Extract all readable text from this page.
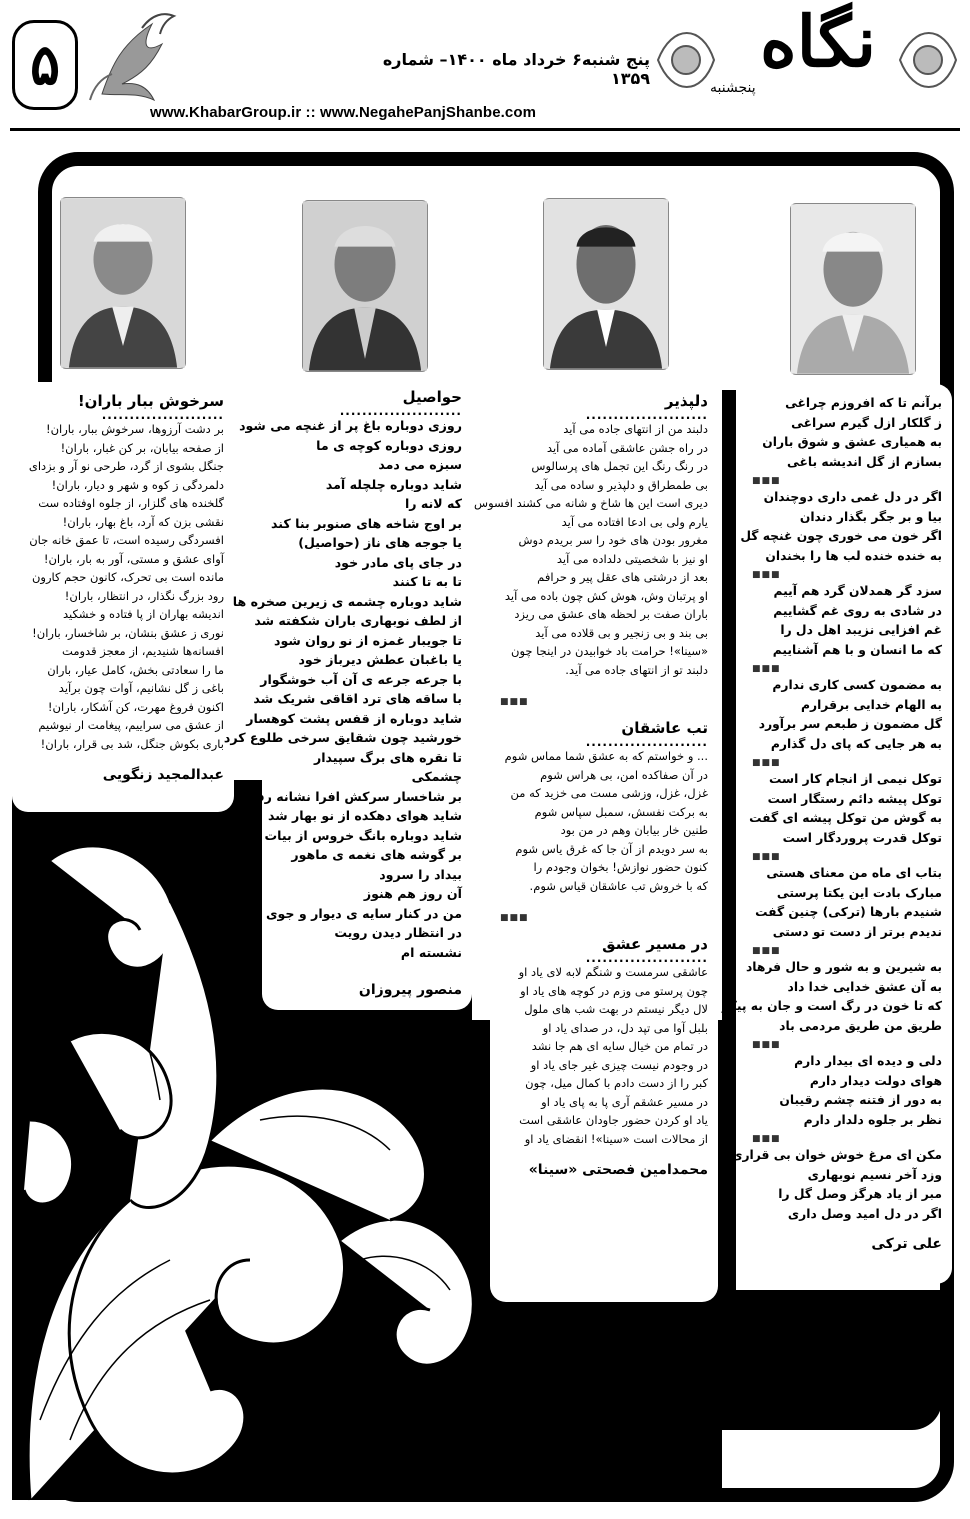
۵	پنج شنبه۶ خرداد ماه ۱۴۰۰– شماره ۱۳۵۹
www.KhabarGroup.ir :: www.NegahePanjShanbe.com
نگاه
پنجشنبه
سرخوش ببار باران!
......................
بر دشت آرزوها، سرخوش ببار، باران!
از صفحه بیابان، بر کن غبار، باران!
جنگل بشوی از گرد، طرحی نو آر و بزدای
دلمردگی ز کوه و شهر و دیار، باران!
گلخنده های گلزار، از جلوه اوفتاده ست
نقشی بزن که آرد، باغ بهار، باران!
افسردگی رسیده است، تا عمق خانه جان
آوای عشق و مستی، آور به بار، باران!
مانده است بی تحرک، کانون حجم کارون
رود بزرگ نگذار، در انتظار، باران!
اندیشه بهاران از پا فتاده و خشکید
نوری ز عشق بنشان، بر شاخسار، باران!
افسانه‌ها شنیدیم، از معجز قدومت
ما را سعادتی بخش، کامل عیار، باران
باغی ز گل نشانیم، آوات چون برآید
اکنون فروغ مهرت، کن آشکار، باران!
از عشق می سراییم، پیغامت ار نیوشیم
باری بکوش جنگل، شد بی قرار، باران!
عبدالمجید زنگویی
حواصیل
......................
روزی دوباره باغ پر از غنچه می شود
روزی دوباره کوچه ی ما
سبزه می دمد
شاید دوباره چلچله آمد
که لانه را
بر اوج شاخه های صنوبر بنا کند
یا جوجه های ناز (حواصیل)
در جای پای مادر خود
تا به تا کنند
شاید دوباره چشمه ی زیرین صخره ها
از لطف نوبهاری باران شکفته شد
تا جویبار غمزه از نو روان شود
یا باغبان عطش دیرباز خود
با جرعه جرعه ی آن آب خوشگوار
با ساقه های ترد اقاقی شریک شد
شاید دوباره از قفس پشت کوهسار
خورشید چون شقایق سرخی طلوع کرد
تا نقره های برگ سپیدار
چشمکی
بر شاخسار سرکش افرا نشانه رفت
شاید هوای دهکده از نو بهار شد
شاید دوباره بانگ خروس از بیات ترک
بر گوشه های نغمه ی ماهور
بیداد را سرود
آن روز هم هنوز
من در کنار سایه ی دیوار و جوی آب
در انتظار دیدن رویت
نشسته ام
منصور پیروزان
دلپذیر
......................
دلبند من از انتهای جاده می آید
در راه جشن عاشقی آماده می آید
در رنگ رنگ این تجمل های پرسالوس
بی طمطراق و دلپذیر و ساده می آید
دیری است این ها شاخ و شانه می کشند افسوس
یارم ولی بی ادعا افتاده می آید
مغرور بودن های خود را سر بریدم دوش
او نیز با شخصیتی دلداده می آید
بعد از درشتی های عقل پیر و حرافم
او پرتبان وش، هوش کش چون باده می آید
باران صفت بر لحظه های عشق می ریزد
بی بند و بی زنجیر و بی قلاده می آید
«سینا»! حرامت باد خوابیدن در اینجا چون
دلبند تو از انتهای جاده می آید.
■■■
تب عاشقان
......................
... و خواستم که به عشق شما مماس شوم
در آن صفاکده امن، بی هراس شوم
غزل، غزل، وزشی مست می خزید که من
به برکت نفسش، سمبل سپاس شوم
طنین خار بیابان وهم در من بود
به سر دویدم از آن جا که غرق یاس شوم
کنون حضور نوازش! بخوان وجودم را
که با خروش تب عاشقان قیاس شوم.
■■■
در مسیر عشق
......................
عاشقی سرمست و شنگم لابه لای یاد او
چون پرستو می وزم در کوچه های یاد او
لال دیگر نیستم در بهت شب های ملول
بلبل آوا می تپد دل، در صدای یاد او
در تمام من خیال سایه ای هم جا نشد
در وجودم نیست چیزی غیر جای یاد او
کبر را از دست دادم با کمال میل، چون
در مسیر عشقم آری پا به پای یاد او
یاد او کردن حضور جاودان عاشقی است
از محالات است «سینا»! انقضای یاد او
محمدامین فصحتی «سینا»
برآنم تا که افروزم چراغی
ز گلکار ازل گیرم سراغی
به همیاری عشق و شوق باران
بسازم از گل اندیشه باغی
■■■
اگر در دل غمی داری دوچندان
بیا و بر جگر بگذار دندان
اگر خون می خوری چون غنچه گل
به خنده خنده لب ها را بخندان
■■■
سزد گر همدلان گرد هم آییم
در شادی به روی غم گشاییم
غم افزایی نزیبد اهل دل را
که ما انسان و با هم آشناییم
■■■
به مضمون کسی کاری ندارم
به الهام خدایی برقرارم
گل مضمون ز طبعم سر برآورد
به هر جایی که پای دل گذارم
■■■
توکل نیمی از انجام کار است
توکل پیشه دائم رستگار است
به گوش من توکل پیشه ای گفت
توکل قدرت پروردگار است
■■■
بتاب ای ماه من معنای هستی
مبارک بادت این یکتا پرستی
شنیدم بارها (ترکی) چنین گفت
ندیدم برتر از دست تو دستی
■■■
به شیرین و به شور و حال فرهاد
به آن عشق خدایی خدا داد
که تا خون در رگ است و جان به پیکر
طریق من طریق مردمی باد
■■■
دلی و دیده ای بیدار دارم
هوای دولت دیدار دارم
به دور از فتنه چشم رقیبان
نظر بر جلوه دلدار دارم
■■■
مکن ای مرغ خوش خوان بی قراری
وزد آخر نسیم نوبهاری
مبر از یاد هرگز وصل گل را
اگر در دل امید وصل داری
علی ترکی
